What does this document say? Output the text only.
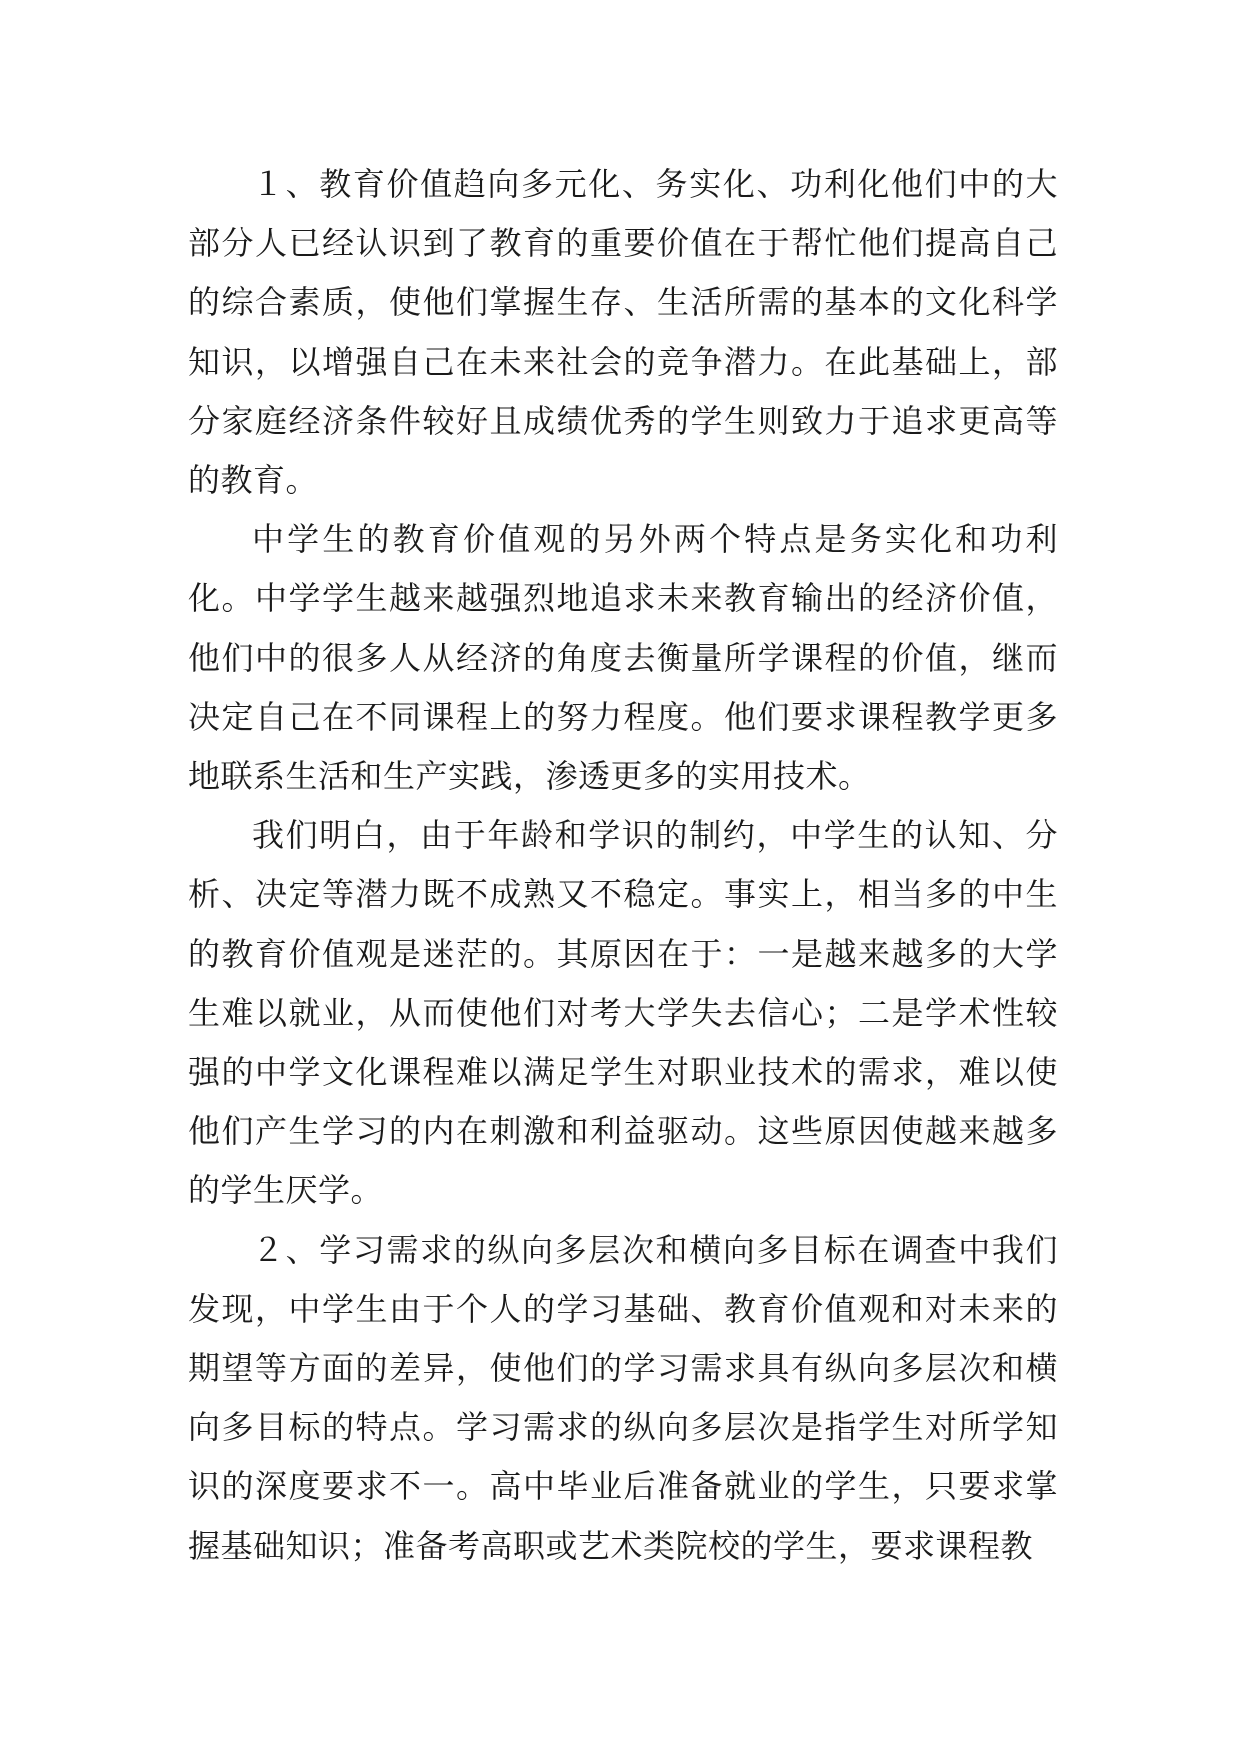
１、教育价值趋向多元化、务实化、功利化他们中的大部分人已经认识到了教育的重要价值在于帮忙他们提高自己的综合素质，使他们掌握生存、生活所需的基本的文化科学知识，以增强自己在未来社会的竞争潜力。在此基础上，部分家庭经济条件较好且成绩优秀的学生则致力于追求更高等的教育。

中学生的教育价值观的另外两个特点是务实化和功利化。中学学生越来越强烈地追求未来教育输出的经济价值，他们中的很多人从经济的角度去衡量所学课程的价值，继而决定自己在不同课程上的努力程度。他们要求课程教学更多地联系生活和生产实践，渗透更多的实用技术。

我们明白，由于年龄和学识的制约，中学生的认知、分析、决定等潜力既不成熟又不稳定。事实上，相当多的中生的教育价值观是迷茫的。其原因在于：一是越来越多的大学生难以就业，从而使他们对考大学失去信心；二是学术性较强的中学文化课程难以满足学生对职业技术的需求，难以使他们产生学习的内在刺激和利益驱动。这些原因使越来越多的学生厌学。

２、学习需求的纵向多层次和横向多目标在调查中我们发现，中学生由于个人的学习基础、教育价值观和对未来的期望等方面的差异，使他们的学习需求具有纵向多层次和横向多目标的特点。学习需求的纵向多层次是指学生对所学知识的深度要求不一。高中毕业后准备就业的学生，只要求掌握基础知识；准备考高职或艺术类院校的学生，要求课程教
